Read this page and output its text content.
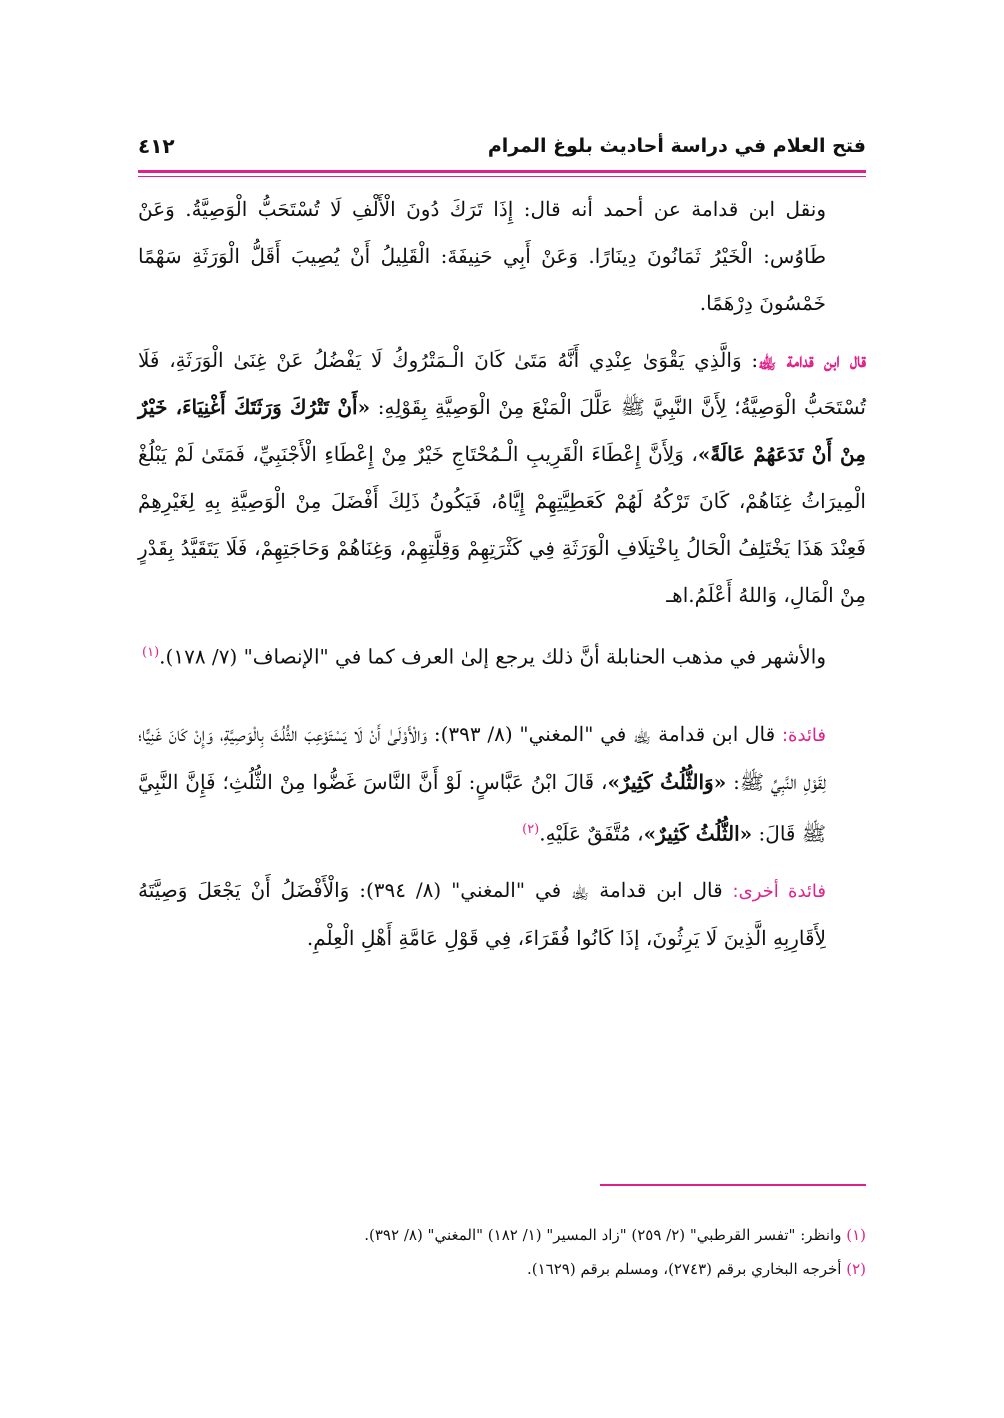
فتح العلام في دراسة أحاديث بلوغ المرام
٤١٢

ونقل ابن قدامة عن أحمد أنه قال: إِذَا تَرَكَ دُونَ الْأَلْفِ لَا تُسْتَحَبُّ الْوَصِيَّةُ. وَعَنْ طَاوُس: الْخَيْرُ ثَمَانُونَ دِينَارًا. وَعَنْ أَبِي حَنِيفَةَ: الْقَلِيلُ أَنْ يُصِيبَ أَقَلُّ الْوَرَثَةِ سَهْمًا خَمْسُونَ دِرْهَمًا.

قال ابن قدامة ﵀: وَالَّذِي يَقْوَىٰ عِنْدِي أَنَّهُ مَتَىٰ كَانَ الْـمَتْرُوكُ لَا يَفْضُلُ عَنْ غِنَىٰ الْوَرَثَةِ، فَلَا تُسْتَحَبُّ الْوَصِيَّةُ؛ لِأَنَّ النَّبِيَّ ﷺ عَلَّلَ الْمَنْعَ مِنْ الْوَصِيَّةِ بِقَوْلِهِ: «أَنْ تَتْرُكَ وَرَثَتَكَ أَغْنِيَاءَ، خَيْرٌ مِنْ أَنْ تَدَعَهُمْ عَالَةً»، وَلِأَنَّ إِعْطَاءَ الْقَرِيبِ الْـمُحْتَاجِ خَيْرٌ مِنْ إِعْطَاءِ الْأَجْنَبِيِّ، فَمَتَىٰ لَمْ يَبْلُغْ الْمِيرَاثُ غِنَاهُمْ، كَانَ تَرْكُهُ لَهُمْ كَعَطِيَّتِهِمْ إِيَّاهُ، فَيَكُونُ ذَلِكَ أَفْضَلَ مِنْ الْوَصِيَّةِ بِهِ لِغَيْرِهِمْ فَعِنْدَ هَذَا يَخْتَلِفُ الْحَالُ بِاخْتِلَافِ الْوَرَثَةِ فِي كَثْرَتِهِمْ وَقِلَّتِهِمْ، وَغِنَاهُمْ وَحَاجَتِهِمْ، فَلَا يَتَقَيَّدُ بِقَدْرٍ مِنْ الْمَالِ، وَاللهُ أَعْلَمُ.اهـ

والأشهر في مذهب الحنابلة أنَّ ذلك يرجع إلىٰ العرف كما في "الإنصاف" (٧/ ١٧٨).$^{(١)}$

فائدة: قال ابن قدامة ﵀ في "المغني" (٨/ ٣٩٣): وَالْأَوْلَىٰ أَنْ لَا يَسْتَوْعِبَ الثُّلُثَ بِالْوَصِيَّةِ، وَإِنْ كَانَ غَنِيًّا؛ لِقَوْلِ النَّبِيِّ ﷺ: «وَالثُّلُثُ كَثِيرٌ»، قَالَ ابْنُ عَبَّاسٍ: لَوْ أَنَّ النَّاسَ غَضُّوا مِنْ الثُّلُثِ؛ فَإِنَّ النَّبِيَّ ﷺ قَالَ: «الثُّلُثُ كَثِيرٌ»، مُتَّفَقٌ عَلَيْهِ.$^{(٢)}$

فائدة أخرى: قال ابن قدامة ﵀ في "المغني" (٨/ ٣٩٤): وَالْأَفْضَلُ أَنْ يَجْعَلَ وَصِيَّتَهُ لِأَقَارِبِهِ الَّذِينَ لَا يَرِثُونَ، إذَا كَانُوا فُقَرَاءَ، فِي قَوْلِ عَامَّةِ أَهْلِ الْعِلْمِ.

(١) وانظر: "تفسر القرطبي" (٢/ ٢٥٩) "زاد المسير" (١/ ١٨٢) "المغني" (٨/ ٣٩٢).

(٢) أخرجه البخاري برقم (٢٧٤٣)، ومسلم برقم (١٦٢٩).
